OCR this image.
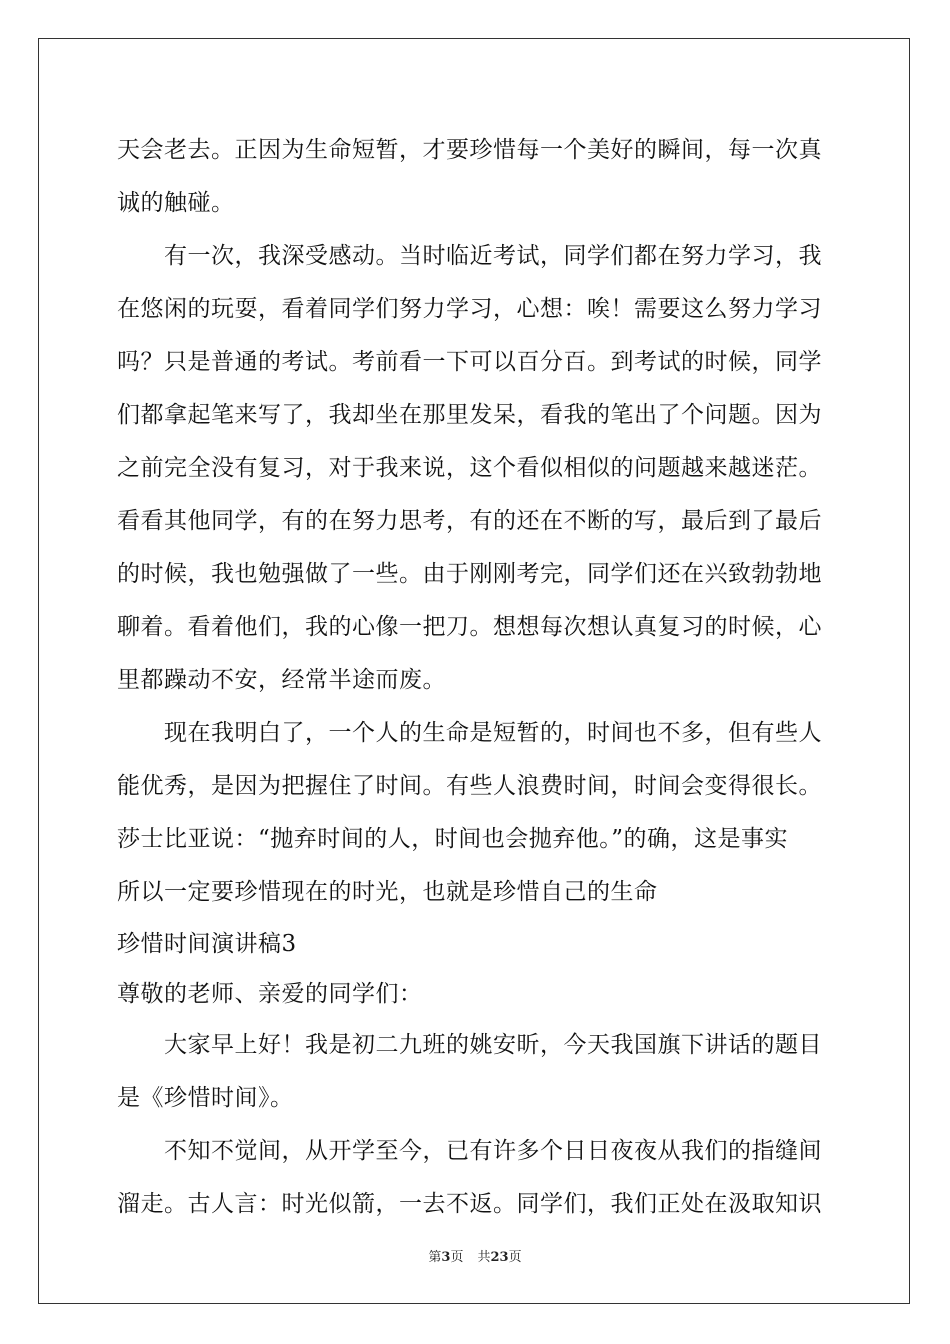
天会老去。正因为生命短暂，才要珍惜每一个美好的瞬间，每一次真
诚的触碰。
　　有一次，我深受感动。当时临近考试，同学们都在努力学习，我
在悠闲的玩耍，看着同学们努力学习，心想：唉！需要这么努力学习
吗？只是普通的考试。考前看一下可以百分百。到考试的时候，同学
们都拿起笔来写了，我却坐在那里发呆，看我的笔出了个问题。因为
之前完全没有复习，对于我来说，这个看似相似的问题越来越迷茫。
看看其他同学，有的在努力思考，有的还在不断的写，最后到了最后
的时候，我也勉强做了一些。由于刚刚考完，同学们还在兴致勃勃地
聊着。看着他们，我的心像一把刀。想想每次想认真复习的时候，心
里都躁动不安，经常半途而废。
　　现在我明白了，一个人的生命是短暂的，时间也不多，但有些人
能优秀，是因为把握住了时间。有些人浪费时间，时间会变得很长。
莎士比亚说：“抛弃时间的人，时间也会抛弃他。”的确，这是事实
所以一定要珍惜现在的时光，也就是珍惜自己的生命
珍惜时间演讲稿3
尊敬的老师、亲爱的同学们：
　　大家早上好！我是初二九班的姚安昕，今天我国旗下讲话的题目
是《珍惜时间》。
　　不知不觉间，从开学至今，已有许多个日日夜夜从我们的指缝间
溜走。古人言：时光似箭，一去不返。同学们，我们正处在汲取知识
第3页 共23页
